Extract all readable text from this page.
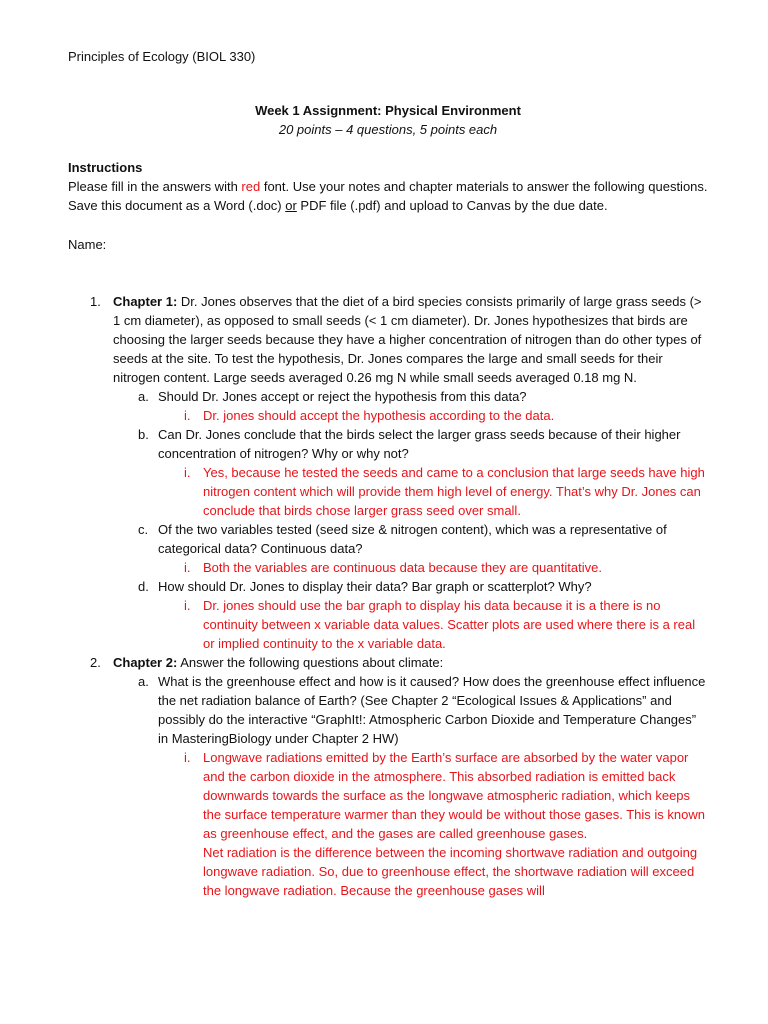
Principles of Ecology (BIOL 330)

Week 1 Assignment: Physical Environment

20 points – 4 questions, 5 points each

Instructions

Please fill in the answers with red font. Use your notes and chapter materials to answer the following questions. Save this document as a Word (.doc) or PDF file (.pdf) and upload to Canvas by the due date.

Name:

1. Chapter 1: Dr. Jones observes that the diet of a bird species consists primarily of large grass seeds (> 1 cm diameter), as opposed to small seeds (< 1 cm diameter). Dr. Jones hypothesizes that birds are choosing the larger seeds because they have a higher concentration of nitrogen than do other types of seeds at the site. To test the hypothesis, Dr. Jones compares the large and small seeds for their nitrogen content. Large seeds averaged 0.26 mg N while small seeds averaged 0.18 mg N.
a. Should Dr. Jones accept or reject the hypothesis from this data?
i. Dr. jones should accept the hypothesis according to the data.
b. Can Dr. Jones conclude that the birds select the larger grass seeds because of their higher concentration of nitrogen? Why or why not?
i. Yes, because he tested the seeds and came to a conclusion that large seeds have high nitrogen content which will provide them high level of energy. That’s why Dr. Jones can conclude that birds chose larger grass seed over small.
c. Of the two variables tested (seed size & nitrogen content), which was a representative of categorical data? Continuous data?
i. Both the variables are continuous data because they are quantitative.
d. How should Dr. Jones to display their data? Bar graph or scatterplot? Why?
i. Dr. jones should use the bar graph to display his data because it is a there is no continuity between x variable data values. Scatter plots are used where there is a real or implied continuity to the x variable data.
2. Chapter 2: Answer the following questions about climate:
a. What is the greenhouse effect and how is it caused? How does the greenhouse effect influence the net radiation balance of Earth? (See Chapter 2 “Ecological Issues & Applications” and possibly do the interactive “GraphIt!: Atmospheric Carbon Dioxide and Temperature Changes” in MasteringBiology under Chapter 2 HW)
i. Longwave radiations emitted by the Earth’s surface are absorbed by the water vapor and the carbon dioxide in the atmosphere. This absorbed radiation is emitted back downwards towards the surface as the longwave atmospheric radiation, which keeps the surface temperature warmer than they would be without those gases. This is known as greenhouse effect, and the gases are called greenhouse gases.
Net radiation is the difference between the incoming shortwave radiation and outgoing longwave radiation. So, due to greenhouse effect, the shortwave radiation will exceed the longwave radiation. Because the greenhouse gases will
